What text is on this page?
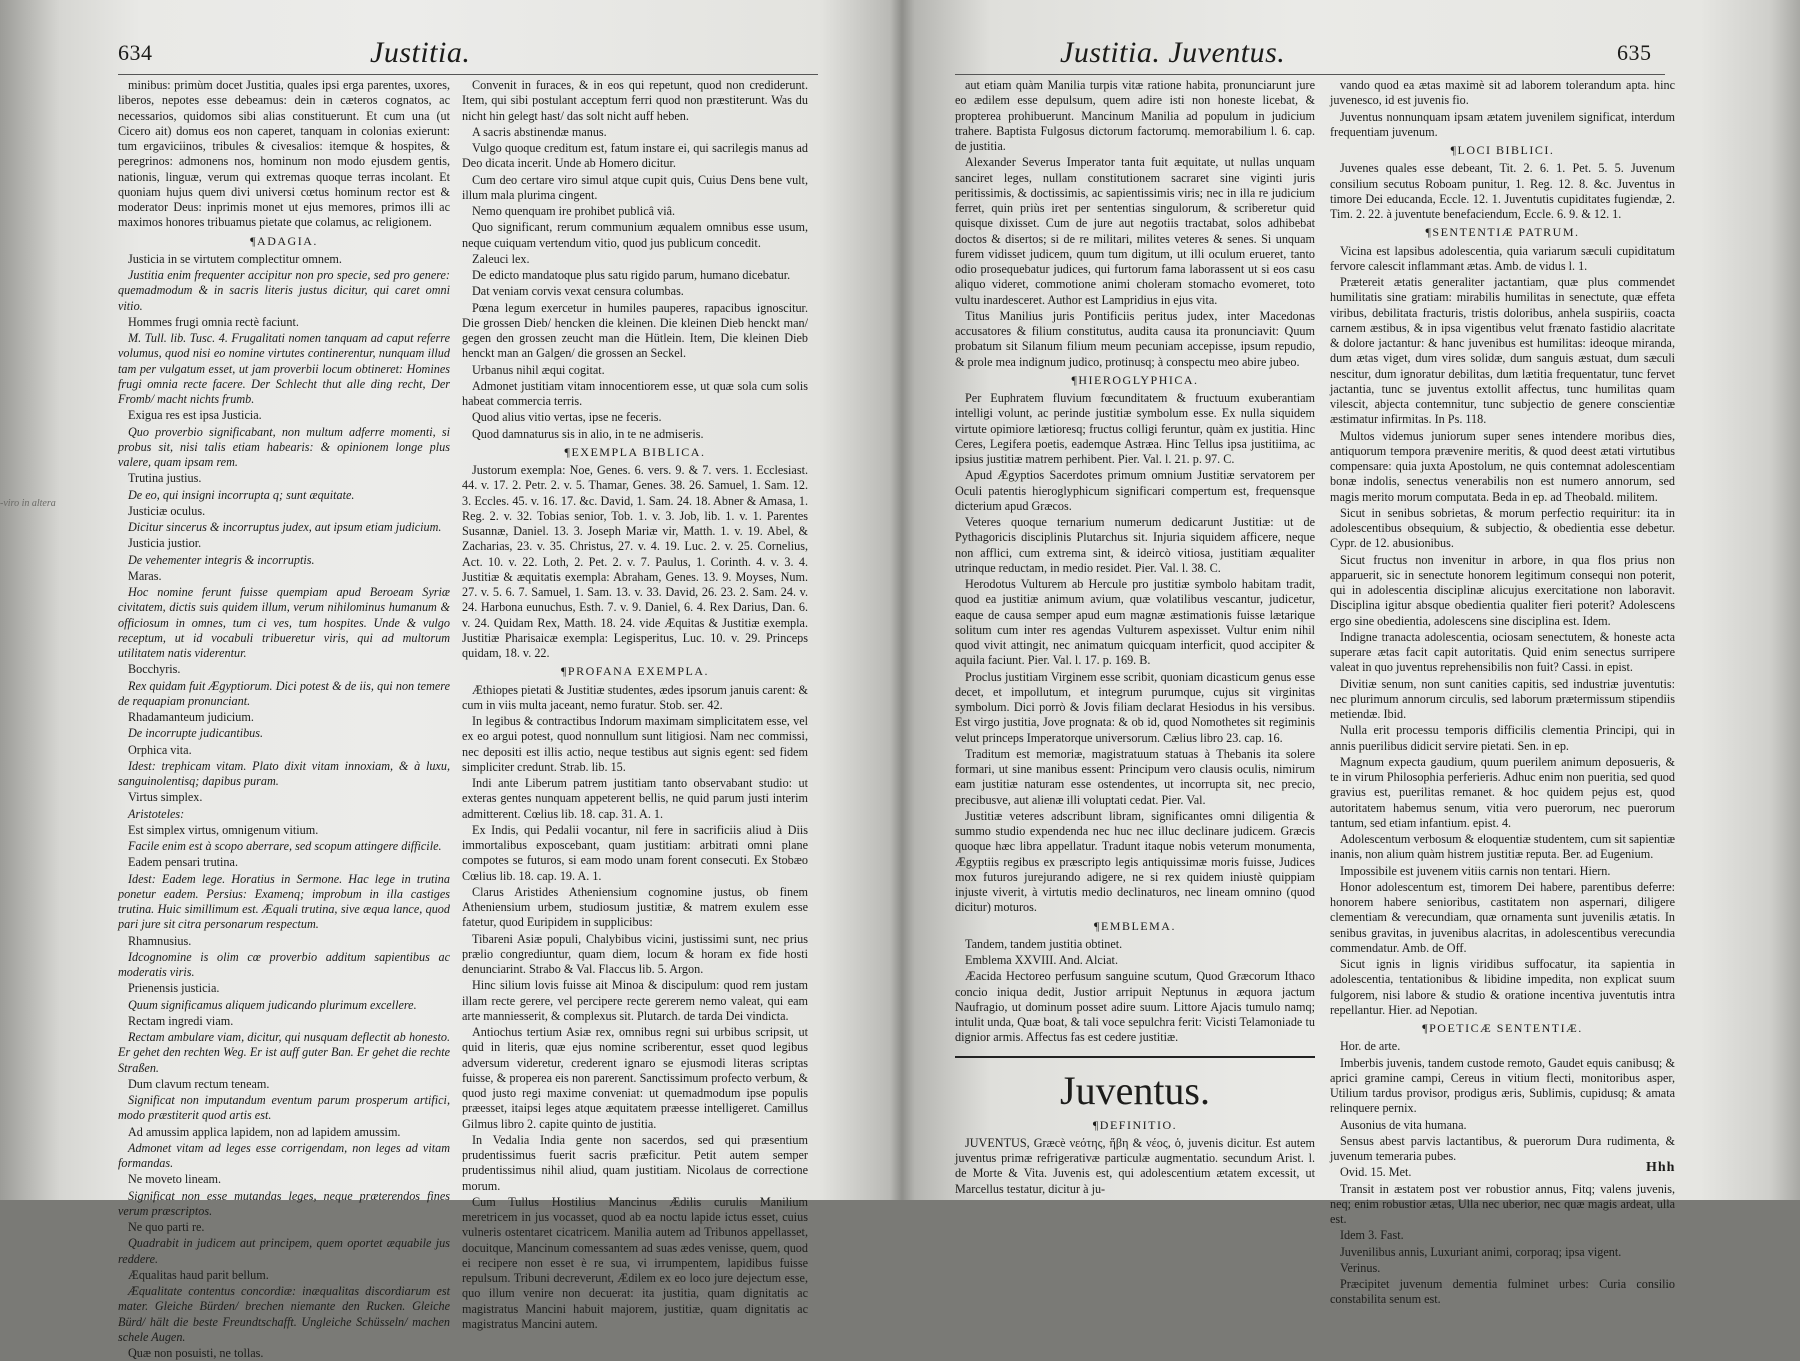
634	Justitia.

minibus: primùm docet Justitia, quales ipsi erga parentes, uxores, liberos, nepotes esse debeamus: dein in cæteros cognatos, ac necessarios, quidomos sibi alias constituerunt. Et cum una (ut Cicero ait) domus eos non caperet, tanquam in colonias exierunt: tum ergaviciinos, tribules & civesalios: itemque & hospites, & peregrinos: admonens nos, hominum non modo ejusdem gentis, nationis, linguæ, verum qui extremas quoque terras incolant. Et quoniam hujus quem divi universi cœtus hominum rector est & moderator Deus: inprimis monet ut ejus memores, primos illi ac maximos honores tribuamus pietate que colamus, ac religionem.

¶ ADAGIA.

Justicia in se virtutem complectitur omnem.

Justitia enim frequenter accipitur non pro specie, sed pro genere: quemadmodum & in sacris literis justus dicitur, qui caret omni vitio.

Hommes frugi omnia rectè faciunt.

M. Tull. lib. Tusc. 4. Frugalitati nomen tanquam ad caput referre volumus, quod nisi eo nomine virtutes continerentur, nunquam illud tam per vulgatum esset, ut jam proverbii locum obtineret: Homines frugi omnia recte facere. Der Schlecht thut alle ding recht, Der Fromb/ macht nichts frumb.

Exigua res est ipsa Justicia.

Quo proverbio significabant, non multum adferre momenti, si probus sit, nisi talis etiam habearis: & opinionem longe plus valere, quam ipsam rem.

Trutina justius.

De eo, qui insigni incorrupta q; sunt æquitate.

Justiciæ oculus.

Dicitur sincerus & incorruptus judex, aut ipsum etiam judicium.

Justicia justior.

De vehementer integris & incorruptis.

Maras.

Hoc nomine ferunt fuisse quempiam apud Beroeam Syriæ civitatem, dictis suis quidem illum, verum nihilominus humanum & officiosum in omnes, tum ci ves, tum hospites. Unde & vulgo receptum, ut id vocabuli tribueretur viris, qui ad multorum utilitatem natis viderentur.

Bocchyris.

Rex quidam fuit Ægyptiorum. Dici potest & de iis, qui non temere de requapiam pronunciant.

Rhadamanteum judicium.

De incorrupte judicantibus.

Orphica vita.

Idest: trephicam vitam. Plato dixit vitam innoxiam, & à luxu, sanguinolentisq; dapibus puram.

Virtus simplex.

Aristoteles:

Est simplex virtus, omnigenum vitium.

Facile enim est à scopo aberrare, sed scopum attingere difficile.

Eadem pensari trutina.

Idest: Eadem lege. Horatius in Sermone. Hac lege in trutina ponetur eadem. Persius: Examenq; improbum in illa castiges trutina. Huic simillimum est. Æquali trutina, sive æqua lance, quod pari jure sit citra personarum respectum.

Rhamnusius.

Idcognomine is olim cœ proverbio additum sapientibus ac moderatis viris.

Prienensis justicia.

Quum significamus aliquem judicando plurimum excellere.

Rectam ingredi viam.

Rectam ambulare viam, dicitur, qui nusquam deflectit ab honesto. Er gehet den rechten Weg. Er ist auff guter Ban. Er gehet die rechte Straßen.

Dum clavum rectum teneam.

Significat non imputandum eventum parum prosperum artifici, modo præstiterit quod artis est.

Ad amussim applica lapidem, non ad lapidem amussim.

Admonet vitam ad leges esse corrigendam, non leges ad vitam formandas.

Ne moveto lineam.

Significat non esse mutandas leges, neque præterendos fines verum præscriptos.

Ne quo parti re.

Quadrabit in judicem aut principem, quem oportet æquabile jus reddere.

Æqualitas haud parit bellum.

Æqualitate contentus concordiæ: inæqualitas discordiarum est mater. Gleiche Bürden/ brechen niemante den Rucken. Gleiche Bürd/ hält die beste Freundtschafft. Ungleiche Schüsseln/ machen schele Augen.

Quæ non posuisti, ne tollas.

Convenit in furaces, & in eos qui repetunt, quod non crediderunt. Item, qui sibi postulant acceptum ferri quod non præstiterunt. Was du nicht hin gelegt hast/ das solt nicht auff heben.

A sacris abstinendæ manus.

Vulgo quoque creditum est, fatum instare ei, qui sacrilegis manus ad Deo dicata incerit. Unde ab Homero dicitur.

Cum deo certare viro simul atque cupit quis, Cuius Dens bene vult, illum mala plurima cingent.

Nemo quenquam ire prohibet publicâ viâ.

Quo significant, rerum communium æqualem omnibus esse usum, neque cuiquam vertendum vitio, quod jus publicum concedit.

Zaleuci lex.

De edicto mandatoque plus satu rigido parum, humano dicebatur.

Dat veniam corvis vexat censura columbas.

Pœna legum exercetur in humiles pauperes, rapacibus ignoscitur. Die grossen Dieb/ hencken die kleinen. Die kleinen Dieb henckt man/ gegen den grossen zeucht man die Hütlein. Item, Die kleinen Dieb henckt man an Galgen/ die grossen an Seckel.

Urbanus nihil æqui cogitat.

Admonet justitiam vitam innocentiorem esse, ut quæ sola cum solis habeat commercia terris.

Quod alius vitio vertas, ipse ne feceris.

Quod damnaturus sis in alio, in te ne admiseris.

¶ EXEMPLA BIBLICA.

Justorum exempla: Noe, Genes. 6. vers. 9. & 7. vers. 1. Ecclesiast. 44. v. 17. 2. Petr. 2. v. 5. Thamar, Genes. 38. 26. Samuel, 1. Sam. 12. 3. Eccles. 45. v. 16. 17. &c. David, 1. Sam. 24. 18. Abner & Amasa, 1. Reg. 2. v. 32. Tobias senior, Tob. 1. v. 3. Job, lib. 1. v. 1. Parentes Susannæ, Daniel. 13. 3. Joseph Mariæ vir, Matth. 1. v. 19. Abel, & Zacharias, 23. v. 35. Christus, 27. v. 4. 19. Luc. 2. v. 25. Cornelius, Act. 10. v. 22. Loth, 2. Pet. 2. v. 7. Paulus, 1. Corinth. 4. v. 3. 4. Justitiæ & æquitatis exempla: Abraham, Genes. 13. 9. Moyses, Num. 27. v. 5. 6. 7. Samuel, 1. Sam. 13. v. 33. David, 26. 23. 2. Sam. 24. v. 24. Harbona eunuchus, Esth. 7. v. 9. Daniel, 6. 4. Rex Darius, Dan. 6. v. 24. Quidam Rex, Matth. 18. 24. vide Æquitas & Justitiæ exempla. Justitiæ Pharisaicæ exempla: Legisperitus, Luc. 10. v. 29. Princeps quidam, 18. v. 22.

¶ PROFANA EXEMPLA.

Æthiopes pietati & Justitiæ studentes, ædes ipsorum januis carent: & cum in viis multa jaceant, nemo furatur. Stob. ser. 42.

In legibus & contractibus Indorum maximam simplicitatem esse, vel ex eo argui potest, quod nonnullum sunt litigiosi. Nam nec commissi, nec depositi est illis actio, neque testibus aut signis egent: sed fidem simpliciter credunt. Strab. lib. 15.

Indi ante Liberum patrem justitiam tanto observabant studio: ut exteras gentes nunquam appeterent bellis, ne quid parum justi interim admitterent. Cœlius lib. 18. cap. 31. A. 1.

Ex Indis, qui Pedalii vocantur, nil fere in sacrificiis aliud à Diis immortalibus exposcebant, quam justitiam: arbitrati omni plane compotes se futuros, si eam modo unam forent consecuti. Ex Stobæo Cœlius lib. 18. cap. 19. A. 1.

Clarus Aristides Atheniensium cognomine justus, ob finem Atheniensium urbem, studiosum justitiæ, & matrem exulem esse fatetur, quod Euripidem in supplicibus:

Tibareni Asiæ populi, Chalybibus vicini, justissimi sunt, nec prius prælio congrediuntur, quam diem, locum & horam ex fide hosti denunciarint. Strabo & Val. Flaccus lib. 5. Argon.

Hinc silium lovis fuisse ait Minoa & discipulum: quod rem justam illam recte gerere, vel percipere recte gererem nemo valeat, qui eam arte manniesserit, & complexus sit. Plutarch. de tarda Dei vindicta.

Antiochus tertium Asiæ rex, omnibus regni sui urbibus scripsit, ut quid in literis, quæ ejus nomine scriberentur, esset quod legibus adversum videretur, crederent ignaro se ejusmodi literas scriptas fuisse, & properea eis non parerent. Sanctissimum profecto verbum, & quod justo regi maxime conveniat: ut quemadmodum ipse populis præesset, itaipsi leges atque æquitatem præesse intelligeret. Camillus Gilmus libro 2. capite quinto de justitia.

In Vedalia India gente non sacerdos, sed qui præsentium prudentissimus fuerit sacris præficitur. Petit autem semper prudentissimus nihil aliud, quam justitiam. Nicolaus de correctione morum.

Cum Tullus Hostilius Mancinus Ædilis curulis Manilium meretricem in jus vocasset, quod ab ea noctu lapide ictus esset, cuius vulneris ostentaret cicatricem. Manilia autem ad Tribunos appellasset, docuitque, Mancinum comessantem ad suas ædes venisse, quem, quod ei recipere non esset è re sua, vi irrumpentem, lapidibus fuisse repulsum. Tribuni decreverunt, Ædilem ex eo loco jure dejectum esse, quo illum venire non decuerat: ita justitia, quam dignitatis ac magistratus Mancini habuit majorem, justitiæ, quam dignitatis ac magistratus Mancini autem.

-viro in altera
Justitia. Juventus.	635

aut etiam quàm Manilia turpis vitæ ratione habita, pronunciarunt jure eo ædilem esse depulsum, quem adire isti non honeste licebat, & propterea prohibuerunt. Mancinum Manilia ad populum in judicium trahere. Baptista Fulgosus dictorum factorumq. memorabilium l. 6. cap. de justitia.

Alexander Severus Imperator tanta fuit æquitate, ut nullas unquam sanciret leges, nullam constitutionem sacraret sine viginti juris peritissimis, & doctissimis, ac sapientissimis viris; nec in illa re judicium ferret, quin priùs iret per sententias singulorum, & scriberetur quid quisque dixisset. Cum de jure aut negotiis tractabat, solos adhibebat doctos & disertos; si de re militari, milites veteres & senes. Si unquam furem vidisset judicem, quum tum digitum, ut illi oculum erueret, tanto odio prosequebatur judices, qui furtorum fama laborassent ut si eos casu aliquo videret, commotione animi choleram stomacho evomeret, toto vultu inardesceret. Author est Lampridius in ejus vita.

Titus Manilius juris Pontificiis peritus judex, inter Macedonas accusatores & filium constitutus, audita causa ita pronunciavit: Quum probatum sit Silanum filium meum pecuniam accepisse, ipsum repudio, & prole mea indignum judico, protinusq; à conspectu meo abire jubeo.

¶ HIEROGLYPHICA.

Per Euphratem fluvium fœcunditatem & fructuum exuberantiam intelligi volunt, ac perinde justitiæ symbolum esse. Ex nulla siquidem virtute opimiore lætioresq; fructus colligi feruntur, quàm ex justitia. Hinc Ceres, Legifera poetis, eademque Astræa. Hinc Tellus ipsa justitiima, ac ipsius justitiæ matrem perhibent. Pier. Val. l. 21. p. 97. C.

Apud Ægyptios Sacerdotes primum omnium Justitiæ servatorem per Oculi patentis hieroglyphicum significari compertum est, frequensque dicterium apud Græcos.

Veteres quoque ternarium numerum dedicarunt Justitiæ: ut de Pythagoricis disciplinis Plutarchus sit. Injuria siquidem afficere, neque non afflici, cum extrema sint, & ideircò vitiosa, justitiam æqualiter utrinque reductam, in medio residet. Pier. Val. l. 38. C.

Herodotus Vulturem ab Hercule pro justitiæ symbolo habitam tradit, quod ea justitiæ animum avium, quæ volatilibus vescantur, judicetur, eaque de causa semper apud eum magnæ æstimationis fuisse lætarique solitum cum inter res agendas Vulturem aspexisset. Vultur enim nihil quod vivit attingit, nec animatum quicquam interficit, quod accipiter & aquila faciunt. Pier. Val. l. 17. p. 169. B.

Proclus justitiam Virginem esse scribit, quoniam dicasticum genus esse decet, et impollutum, et integrum purumque, cujus sit virginitas symbolum. Dici porrò & Jovis filiam declarat Hesiodus in his versibus. Est virgo justitia, Jove prognata: & ob id, quod Nomothetes sit regiminis velut princeps Imperatorque universorum. Cælius libro 23. cap. 16.

Traditum est memoriæ, magistratuum statuas à Thebanis ita solere formari, ut sine manibus essent: Principum vero clausis oculis, nimirum eam justitiæ naturam esse ostendentes, ut incorrupta sit, nec precio, precibusve, aut alienæ illi voluptati cedat. Pier. Val.

Justitiæ veteres adscribunt libram, significantes omni diligentia & summo studio expendenda nec huc nec illuc declinare judicem. Græcis quoque hæc libra appellatur. Tradunt itaque nobis veterum monumenta, Ægyptiis regibus ex præscripto legis antiquissimæ moris fuisse, Judices mox futuros jurejurando adigere, ne si rex quidem iniustè quippiam injuste viverit, à virtutis medio declinaturos, nec lineam omnino (quod dicitur) moturos.

¶ EMBLEMA.

Tandem, tandem justitia obtinet.

Emblema XXVIII. And. Alciat.

Æacida Hectoreo perfusum sanguine scutum, Quod Græcorum Ithaco concio iniqua dedit, Justior arripuit Neptunus in æquora jactum Naufragio, ut dominum posset adire suum. Littore Ajacis tumulo namq; intulit unda, Quæ boat, & tali voce sepulchra ferit: Vicisti Telamoniade tu dignior armis. Affectus fas est cedere justitiæ.

Juventus.

¶ DEFINITIO.

JUVENTUS, Græcè νεότης, ἥβη & νέος, ὁ, juvenis dicitur. Est autem juventus primæ refrigerativæ particulæ augmentatio. secundum Arist. l. de Morte & Vita. Juvenis est, qui adolescentium ætatem excessit, ut Marcellus testatur, dicitur à ju-

vando quod ea ætas maximè sit ad laborem tolerandum apta. hinc juvenesco, id est juvenis fio.

Juventus nonnunquam ipsam ætatem juvenilem significat, interdum frequentiam juvenum.

¶ LOCI BIBLICI.

Juvenes quales esse debeant, Tit. 2. 6. 1. Pet. 5. 5. Juvenum consilium secutus Roboam punitur, 1. Reg. 12. 8. &c. Juventus in timore Dei educanda, Eccle. 12. 1. Juventutis cupiditates fugiendæ, 2. Tim. 2. 22. à juventute benefaciendum, Eccle. 6. 9. & 12. 1.

¶ SENTENTIÆ PATRUM.

Vicina est lapsibus adolescentia, quia variarum sæculi cupiditatum fervore calescit inflammant ætas. Amb. de vidus l. 1.

Prætereit ætatis generaliter jactantiam, quæ plus commendet humilitatis sine gratiam: mirabilis humilitas in senectute, quæ effeta viribus, debilitata fracturis, tristis doloribus, anhela suspiriis, coacta carnem æstibus, & in ipsa vigentibus velut frænato fastidio alacritate & dolore jactantur: & hanc juvenibus est humilitas: ideoque miranda, dum ætas viget, dum vires solidæ, dum sanguis æstuat, dum sæculi nescitur, dum ignoratur debilitas, dum lætitia frequentatur, tunc fervet jactantia, tunc se juventus extollit affectus, tunc humilitas quam vilescit, abjecta contemnitur, tunc subjectio de genere conscientiæ æstimatur infirmitas. In Ps. 118.

Multos videmus juniorum super senes intendere moribus dies, antiquorum tempora prævenire meritis, & quod deest ætati virtutibus compensare: quia juxta Apostolum, ne quis contemnat adolescentiam bonæ indolis, senectus venerabilis non est numero annorum, sed magis merito morum computata. Beda in ep. ad Theobald. militem.

Sicut in senibus sobrietas, & morum perfectio requiritur: ita in adolescentibus obsequium, & subjectio, & obedientia esse debetur. Cypr. de 12. abusionibus.

Sicut fructus non invenitur in arbore, in qua flos prius non apparuerit, sic in senectute honorem legitimum consequi non poterit, qui in adolescentia disciplinæ alicujus exercitatione non laboravit. Disciplina igitur absque obedientia qualiter fieri poterit? Adolescens ergo sine obedientia, adolescens sine disciplina est. Idem.

Indigne tranacta adolescentia, ociosam senectutem, & honeste acta superare ætas facit capit autoritatis. Quid enim senectus surripere valeat in quo juventus reprehensibilis non fuit? Cassi. in epist.

Divitiæ senum, non sunt canities capitis, sed industriæ juventutis: nec plurimum annorum circulis, sed laborum prætermissum stipendiis metiendæ. Ibid.

Nulla erit processu temporis difficilis clementia Principi, qui in annis puerilibus didicit servire pietati. Sen. in ep.

Magnum expecta gaudium, quum puerilem animum deposueris, & te in virum Philosophia perferieris. Adhuc enim non pueritia, sed quod gravius est, puerilitas remanet. & hoc quidem pejus est, quod autoritatem habemus senum, vitia vero puerorum, nec puerorum tantum, sed etiam infantium. epist. 4.

Adolescentum verbosum & eloquentiæ studentem, cum sit sapientiæ inanis, non alium quàm histrem justitiæ reputa. Ber. ad Eugenium.

Impossibile est juvenem vitiis carnis non tentari. Hiern.

Honor adolescentum est, timorem Dei habere, parentibus deferre: honorem habere senioribus, castitatem non aspernari, diligere clementiam & verecundiam, quæ ornamenta sunt juvenilis ætatis. In senibus gravitas, in juvenibus alacritas, in adolescentibus verecundia commendatur. Amb. de Off.

Sicut ignis in lignis viridibus suffocatur, ita sapientia in adolescentia, tentationibus & libidine impedita, non explicat suum fulgorem, nisi labore & studio & oratione incentiva juventutis intra repellantur. Hier. ad Nepotian.

¶ POETICÆ SENTENTIÆ.

Hor. de arte.

Imberbis juvenis, tandem custode remoto, Gaudet equis canibusq; & aprici gramine campi, Cereus in vitium flecti, monitoribus asper, Utilium tardus provisor, prodigus æris, Sublimis, cupidusq; & amata relinquere pernix.

Ausonius de vita humana.

Sensus abest parvis lactantibus, & puerorum Dura rudimenta, & juvenum temeraria pubes.

Ovid. 15. Met.

Transit in æstatem post ver robustior annus, Fitq; valens juvenis, neq; enim robustior ætas, Ulla nec uberior, nec quæ magis ardeat, ulla est.

Idem 3. Fast.

Juvenilibus annis, Luxuriant animi, corporaq; ipsa vigent.

Verinus.

Præcipitet juvenum dementia fulminet urbes: Curia consilio constabilita senum est.

Hhh
